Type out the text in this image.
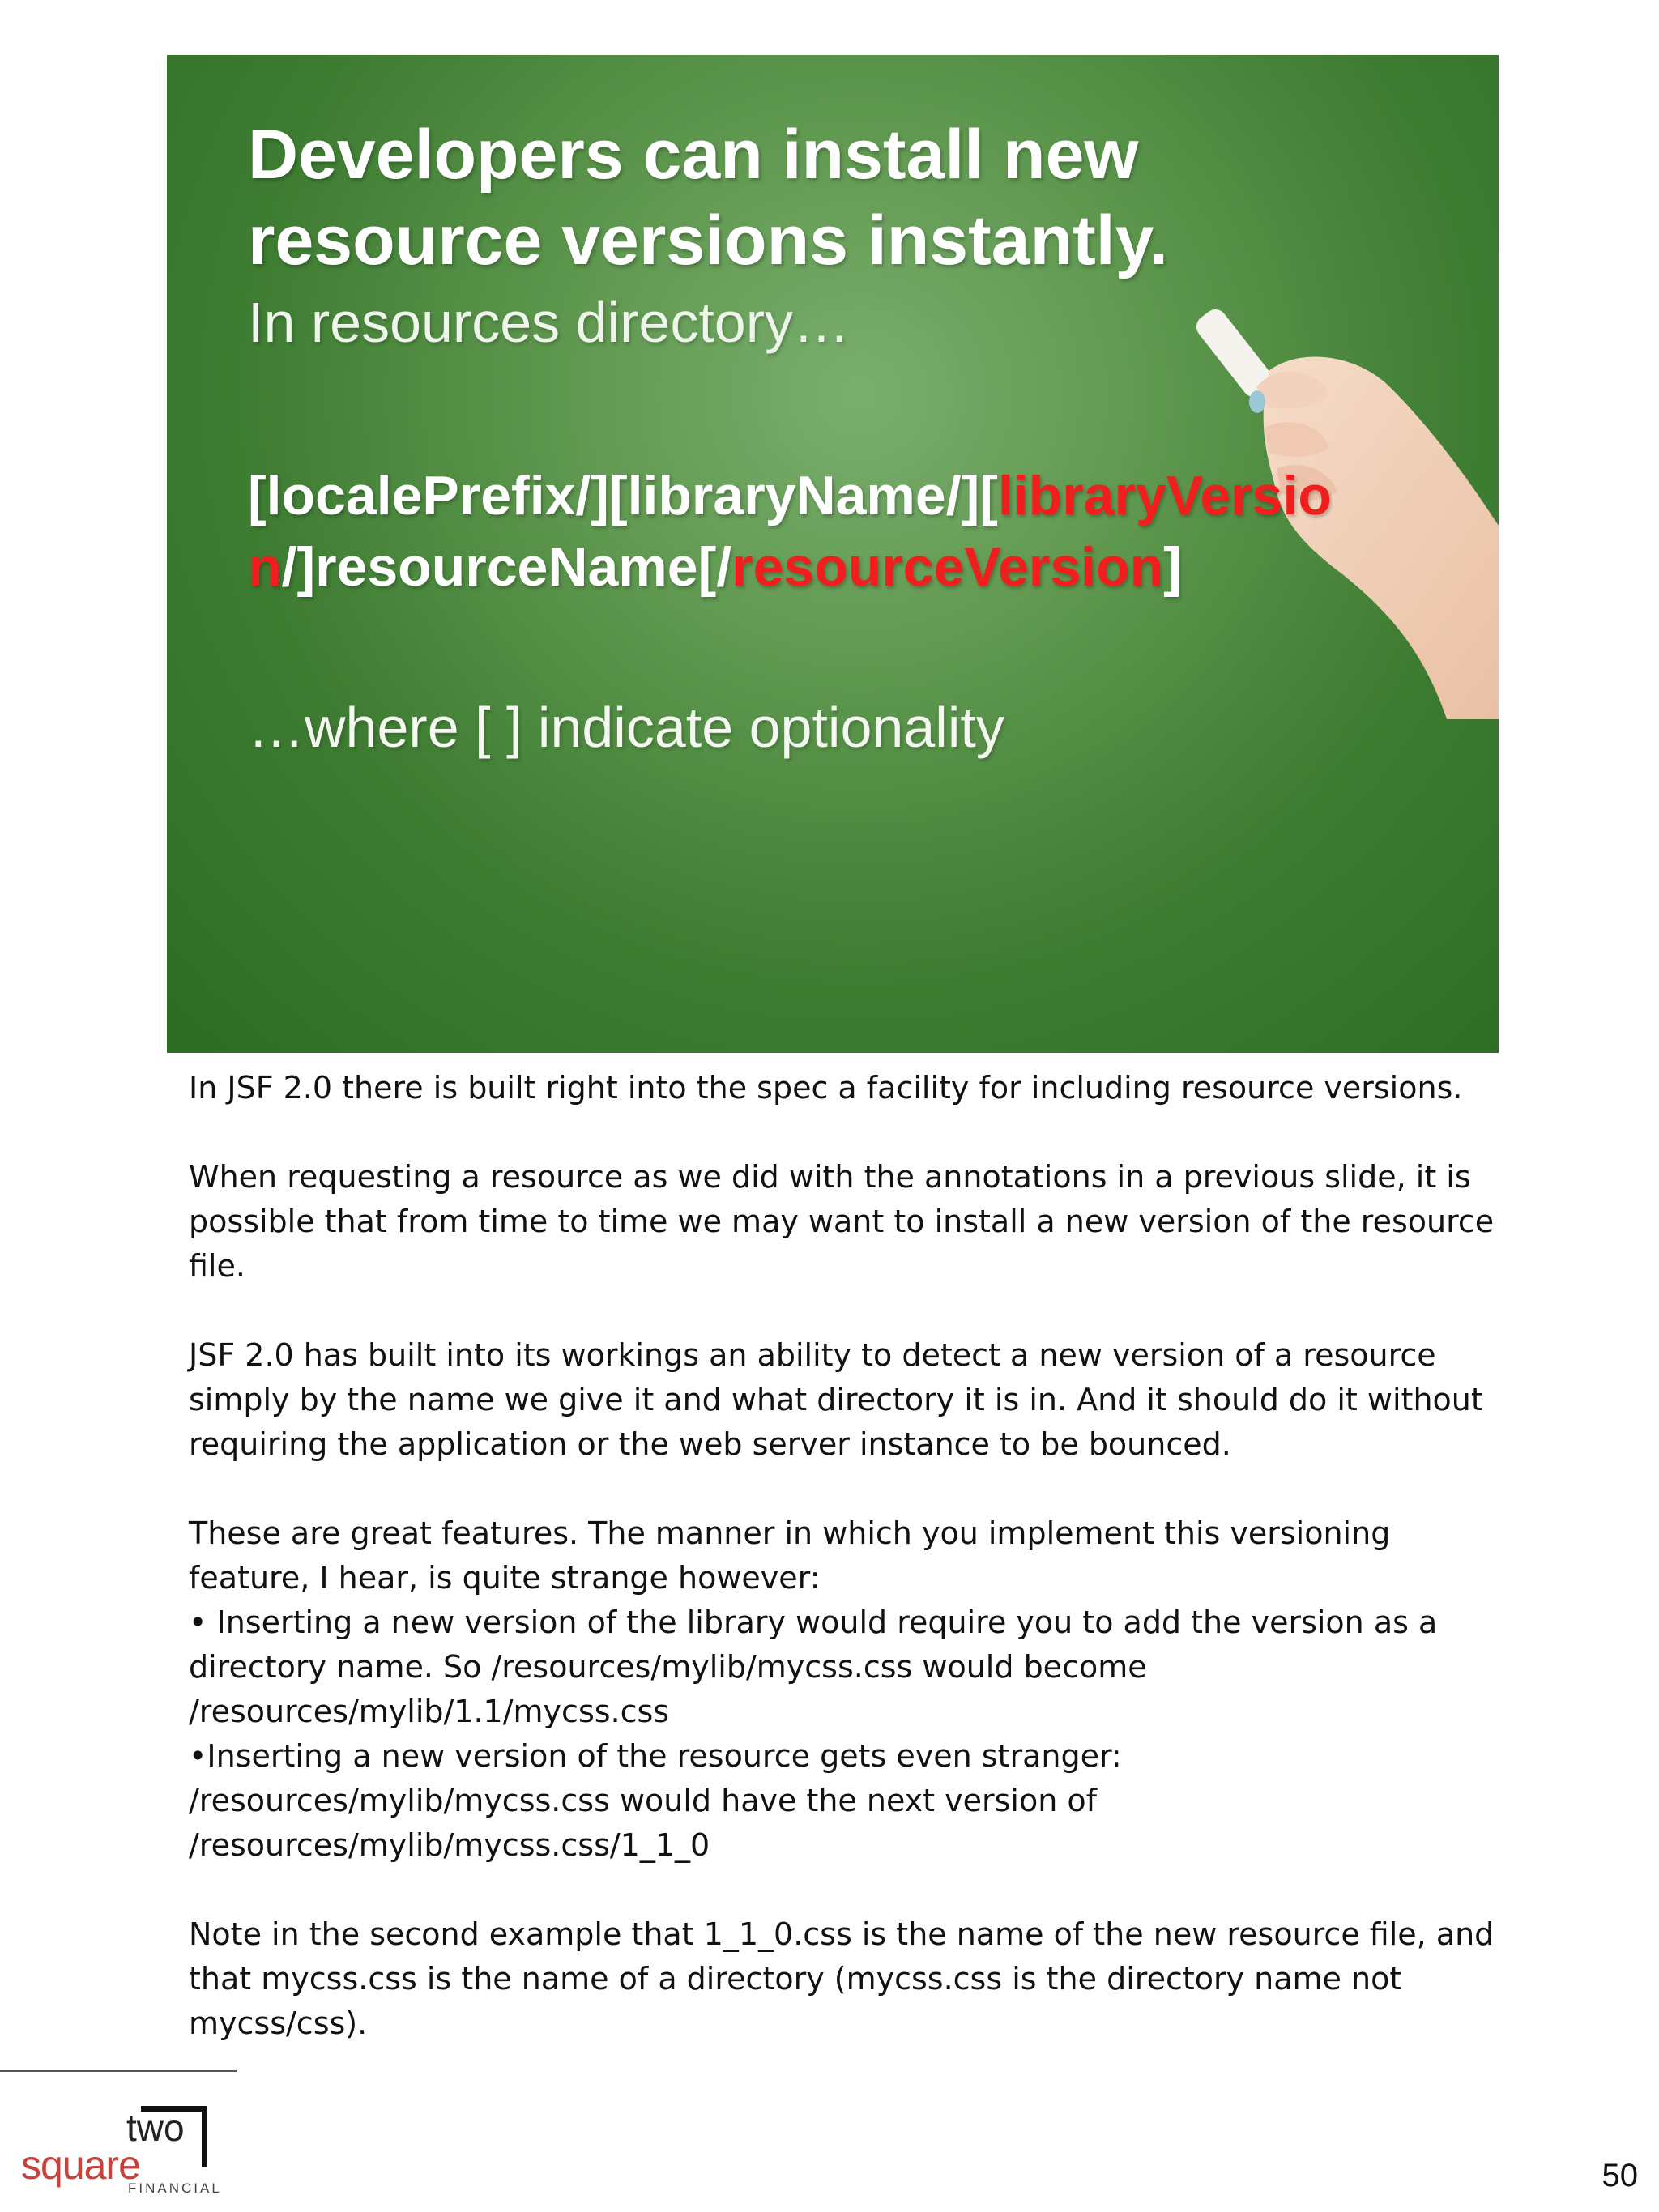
Developers can install new
resource versions instantly.
In resources directory…
[localePrefix/][libraryName/][libraryVersio
n/]resourceName[/resourceVersion]
…where [ ] indicate optionality

In JSF 2.0 there is built right into the spec a facility for including resource versions.

When requesting a resource as we did with the annotations in a previous slide, it is possible that from time to time we may want to install a new version of the resource file.

JSF 2.0 has built into its workings an ability to detect a new version of a resource simply by the name we give it and what directory it is in. And it should do it without requiring the application or the web server instance to be bounced.

These are great features. The manner in which you implement this versioning feature, I hear, is quite strange however:

• Inserting a new version of the library would require you to add the version as a directory name. So /resources/mylib/mycss.css would become /resources/mylib/1.1/mycss.css

•Inserting a new version of the resource gets even stranger: /resources/mylib/mycss.css would have the next version of /resources/mylib/mycss.css/1_1_0

Note in the second example that 1_1_0.css is the name of the new resource file, and that mycss.css is the name of a directory (mycss.css is the directory name not mycss/css).

square
two
FINANCIAL	50
